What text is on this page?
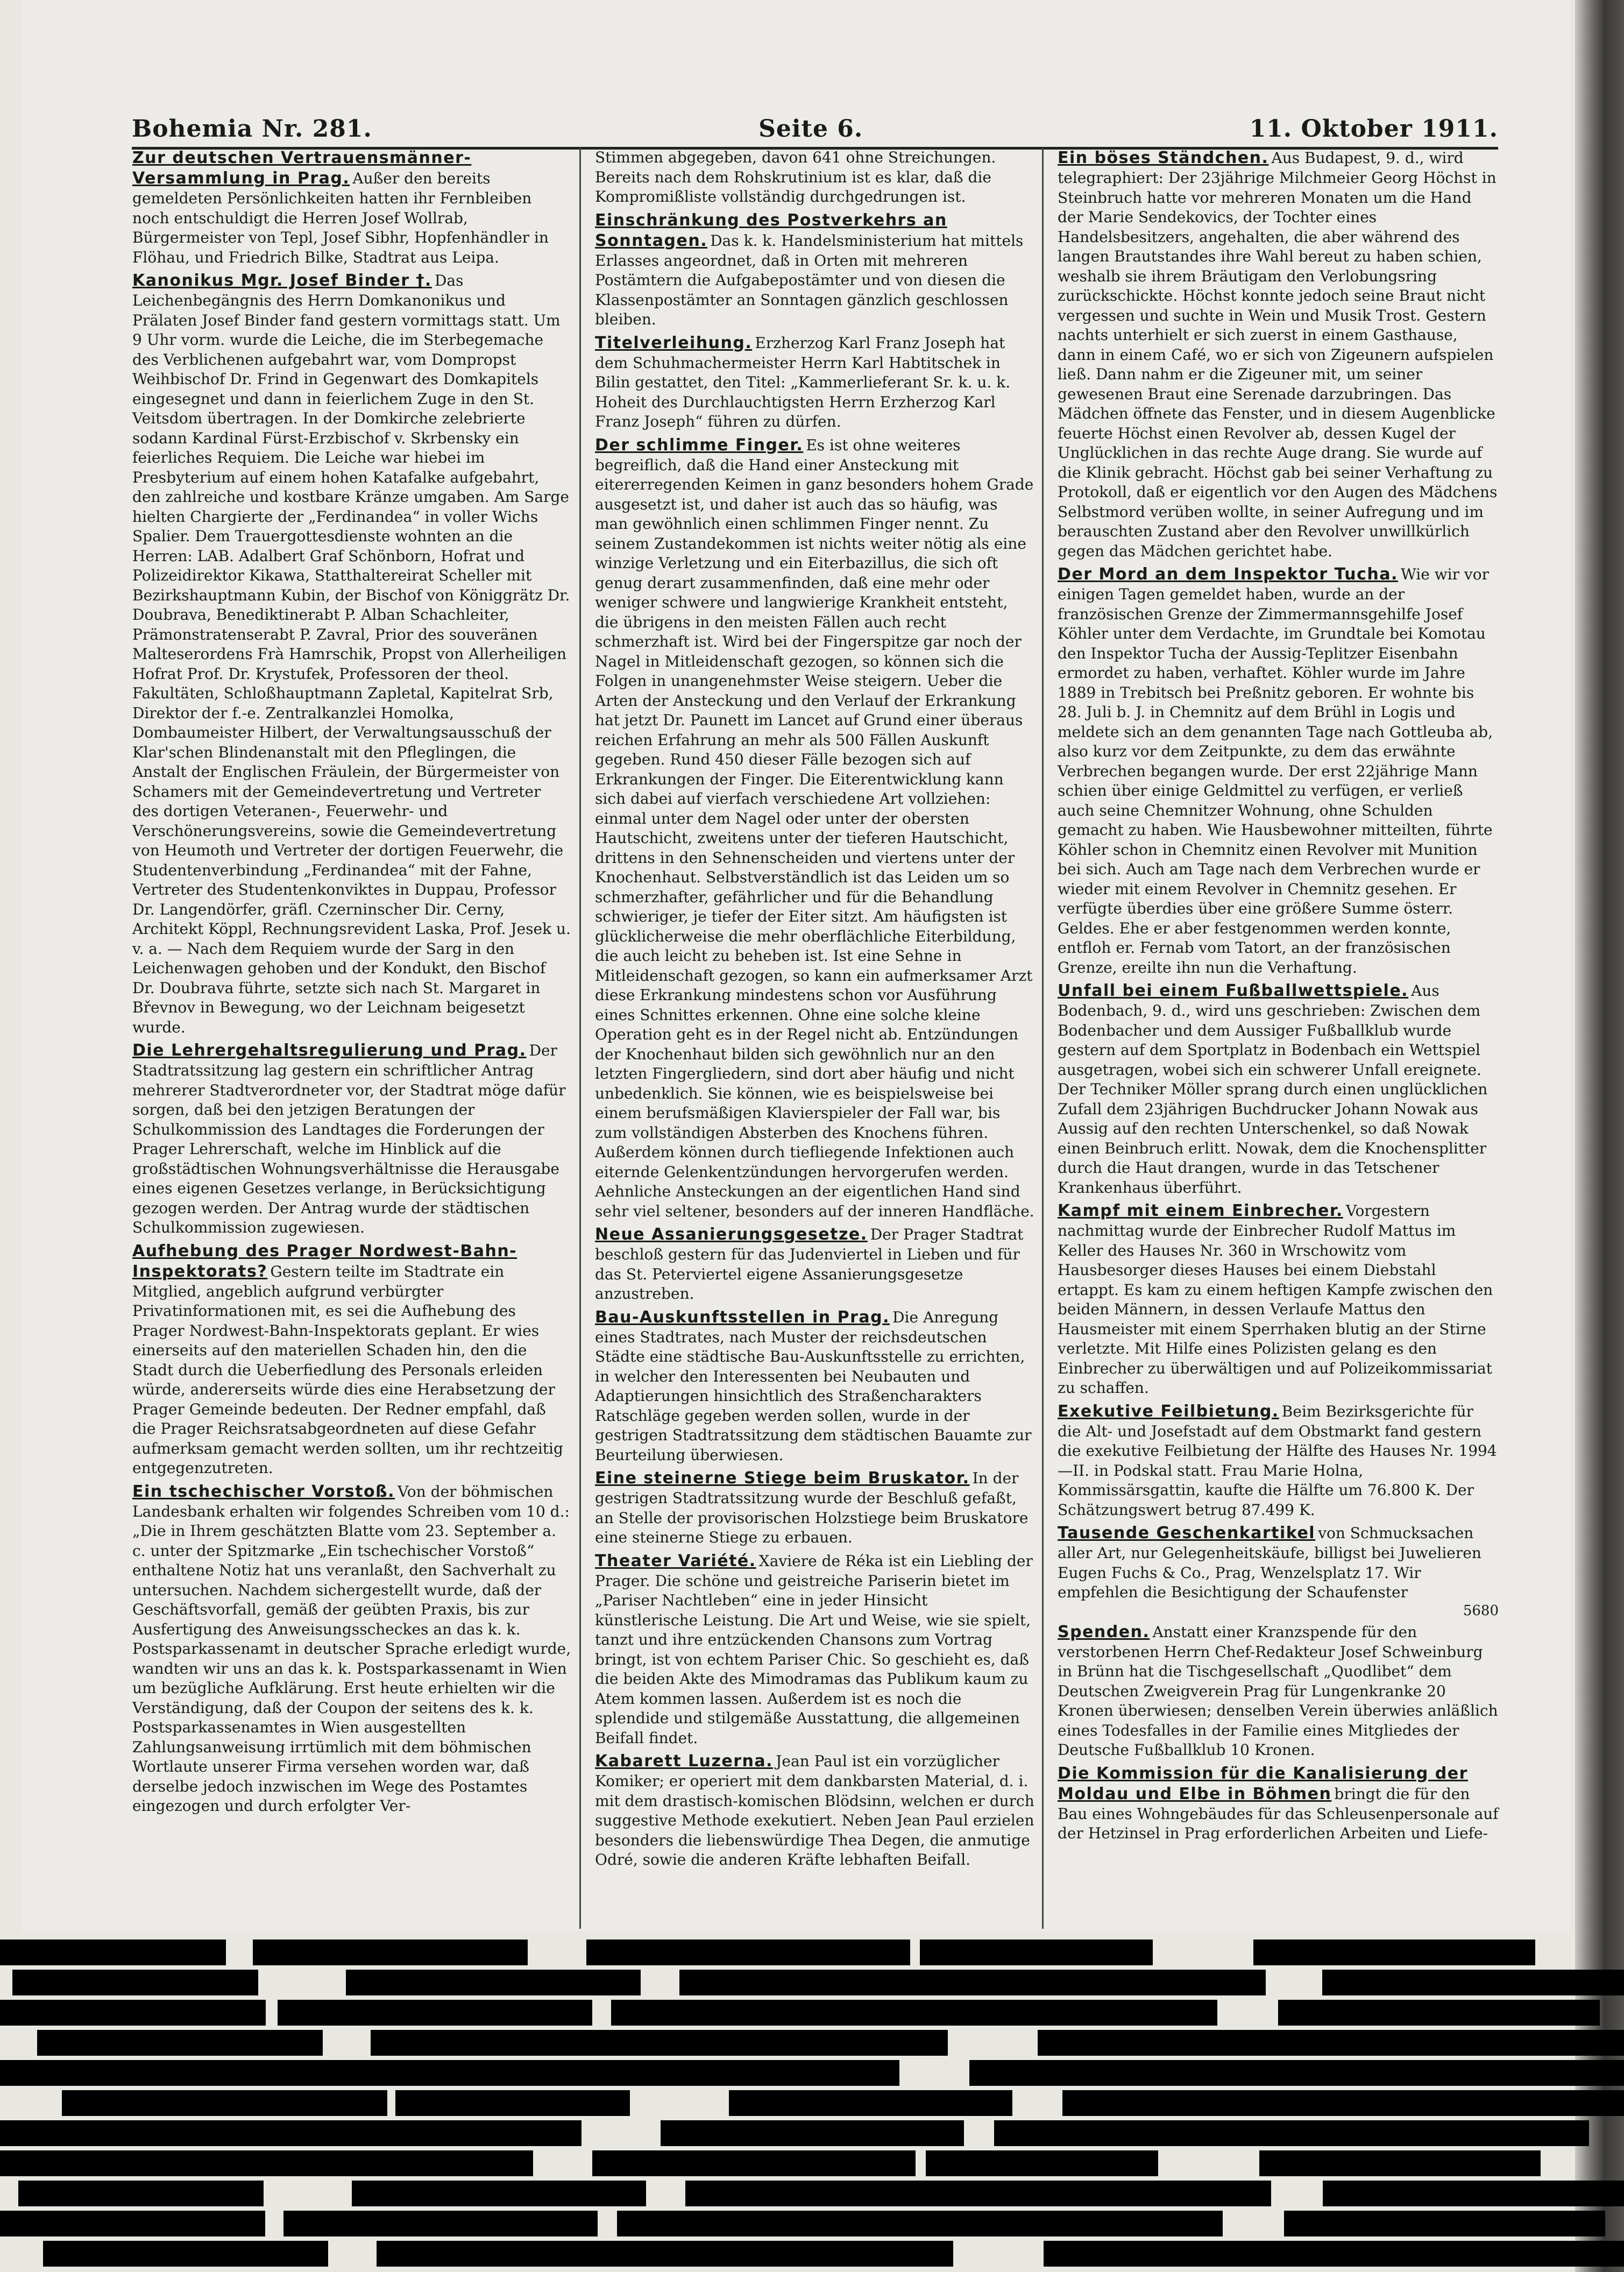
Bohemia Nr. 281.	Seite 6.	11. Oktober 1911.
Zur deutschen Vertrauensmänner-Versammlung in Prag. Außer den bereits gemeldeten Persönlichkeiten hatten ihr Fernbleiben noch entschuldigt die Herren Josef Wollrab, Bürgermeister von Tepl, Josef Sibhr, Hopfenhändler in Flöhau, und Friedrich Bilke, Stadtrat aus Leipa.

Kanonikus Mgr. Josef Binder †. Das Leichenbegängnis des Herrn Domkanonikus und Prälaten Josef Binder fand gestern vormittags statt. Um 9 Uhr vorm. wurde die Leiche, die im Sterbegemache des Verblichenen aufgebahrt war, vom Dompropst Weihbischof Dr. Frind in Gegenwart des Domkapitels eingesegnet und dann in feierlichem Zuge in den St. Veitsdom übertragen. In der Domkirche zelebrierte sodann Kardinal Fürst-Erzbischof v. Skrbensky ein feierliches Requiem. Die Leiche war hiebei im Presbyterium auf einem hohen Katafalke aufgebahrt, den zahlreiche und kostbare Kränze umgaben. Am Sarge hielten Chargierte der „Ferdinandea“ in voller Wichs Spalier. Dem Trauergottesdienste wohnten an die Herren: LAB. Adalbert Graf Schönborn, Hofrat und Polizeidirektor Kikawa, Statthaltereirat Scheller mit Bezirkshauptmann Kubin, der Bischof von Königgrätz Dr. Doubrava, Benediktinerabt P. Alban Schachleiter, Prämonstratenserabt P. Zavral, Prior des souveränen Malteserordens Frà Hamrschik, Propst von Allerheiligen Hofrat Prof. Dr. Krystufek, Professoren der theol. Fakultäten, Schloßhauptmann Zapletal, Kapitelrat Srb, Direktor der f.-e. Zentralkanzlei Homolka, Dombaumeister Hilbert, der Verwaltungsausschuß der Klar'schen Blindenanstalt mit den Pfleglingen, die Anstalt der Englischen Fräulein, der Bürgermeister von Schamers mit der Gemeindevertretung und Vertreter des dortigen Veteranen-, Feuerwehr- und Verschönerungsvereins, sowie die Gemeindevertretung von Heumoth und Vertreter der dortigen Feuerwehr, die Studentenverbindung „Ferdinandea“ mit der Fahne, Vertreter des Studentenkonviktes in Duppau, Professor Dr. Langendörfer, gräfl. Czerninscher Dir. Cerny, Architekt Köppl, Rechnungsrevident Laska, Prof. Jesek u. v. a. — Nach dem Requiem wurde der Sarg in den Leichenwagen gehoben und der Kondukt, den Bischof Dr. Doubrava führte, setzte sich nach St. Margaret in Břevnov in Bewegung, wo der Leichnam beigesetzt wurde.

Die Lehrergehaltsregulierung und Prag. Der Stadtratssitzung lag gestern ein schriftlicher Antrag mehrerer Stadtverordneter vor, der Stadtrat möge dafür sorgen, daß bei den jetzigen Beratungen der Schulkommission des Landtages die Forderungen der Prager Lehrerschaft, welche im Hinblick auf die großstädtischen Wohnungsverhältnisse die Herausgabe eines eigenen Gesetzes verlange, in Berücksichtigung gezogen werden. Der Antrag wurde der städtischen Schulkommission zugewiesen.

Aufhebung des Prager Nordwest-Bahn-Inspektorats? Gestern teilte im Stadtrate ein Mitglied, angeblich aufgrund verbürgter Privatinformationen mit, es sei die Aufhebung des Prager Nordwest-Bahn-Inspektorats geplant. Er wies einerseits auf den materiellen Schaden hin, den die Stadt durch die Ueberfiedlung des Personals erleiden würde, andererseits würde dies eine Herabsetzung der Prager Gemeinde bedeuten. Der Redner empfahl, daß die Prager Reichsratsabgeordneten auf diese Gefahr aufmerksam gemacht werden sollten, um ihr rechtzeitig entgegenzutreten.

Ein tschechischer Vorstoß. Von der böhmischen Landesbank erhalten wir folgendes Schreiben vom 10 d.: „Die in Ihrem geschätzten Blatte vom 23. September a. c. unter der Spitzmarke „Ein tschechischer Vorstoß“ enthaltene Notiz hat uns veranlaßt, den Sachverhalt zu untersuchen. Nachdem sichergestellt wurde, daß der Geschäftsvorfall, gemäß der geübten Praxis, bis zur Ausfertigung des Anweisungsscheckes an das k. k. Postsparkassenamt in deutscher Sprache erledigt wurde, wandten wir uns an das k. k. Postsparkassenamt in Wien um bezügliche Aufklärung. Erst heute erhielten wir die Verständigung, daß der Coupon der seitens des k. k. Postsparkassenamtes in Wien ausgestellten Zahlungsanweisung irrtümlich mit dem böhmischen Wortlaute unserer Firma versehen worden war, daß derselbe jedoch inzwischen im Wege des Postamtes eingezogen und durch erfolgter Ver-

Stimmen abgegeben, davon 641 ohne Streichungen. Bereits nach dem Rohskrutinium ist es klar, daß die Kompromißliste vollständig durchgedrungen ist.

Einschränkung des Postverkehrs an Sonntagen. Das k. k. Handelsministerium hat mittels Erlasses angeordnet, daß in Orten mit mehreren Postämtern die Aufgabepostämter und von diesen die Klassenpostämter an Sonntagen gänzlich geschlossen bleiben.

Titelverleihung. Erzherzog Karl Franz Joseph hat dem Schuhmachermeister Herrn Karl Habtitschek in Bilin gestattet, den Titel: „Kammerlieferant Sr. k. u. k. Hoheit des Durchlauchtigsten Herrn Erzherzog Karl Franz Joseph“ führen zu dürfen.

Der schlimme Finger. Es ist ohne weiteres begreiflich, daß die Hand einer Ansteckung mit eitererregenden Keimen in ganz besonders hohem Grade ausgesetzt ist, und daher ist auch das so häufig, was man gewöhnlich einen schlimmen Finger nennt. Zu seinem Zustandekommen ist nichts weiter nötig als eine winzige Verletzung und ein Eiterbazillus, die sich oft genug derart zusammenfinden, daß eine mehr oder weniger schwere und langwierige Krankheit entsteht, die übrigens in den meisten Fällen auch recht schmerzhaft ist. Wird bei der Fingerspitze gar noch der Nagel in Mitleidenschaft gezogen, so können sich die Folgen in unangenehmster Weise steigern. Ueber die Arten der Ansteckung und den Verlauf der Erkrankung hat jetzt Dr. Paunett im Lancet auf Grund einer überaus reichen Erfahrung an mehr als 500 Fällen Auskunft gegeben. Rund 450 dieser Fälle bezogen sich auf Erkrankungen der Finger. Die Eiterentwicklung kann sich dabei auf vierfach verschiedene Art vollziehen: einmal unter dem Nagel oder unter der obersten Hautschicht, zweitens unter der tieferen Hautschicht, drittens in den Sehnenscheiden und viertens unter der Knochenhaut. Selbstverständlich ist das Leiden um so schmerzhafter, gefährlicher und für die Behandlung schwieriger, je tiefer der Eiter sitzt. Am häufigsten ist glücklicherweise die mehr oberflächliche Eiterbildung, die auch leicht zu beheben ist. Ist eine Sehne in Mitleidenschaft gezogen, so kann ein aufmerksamer Arzt diese Erkrankung mindestens schon vor Ausführung eines Schnittes erkennen. Ohne eine solche kleine Operation geht es in der Regel nicht ab. Entzündungen der Knochenhaut bilden sich gewöhnlich nur an den letzten Fingergliedern, sind dort aber häufig und nicht unbedenklich. Sie können, wie es beispielsweise bei einem berufsmäßigen Klavierspieler der Fall war, bis zum vollständigen Absterben des Knochens führen. Außerdem können durch tiefliegende Infektionen auch eiternde Gelenkentzündungen hervorgerufen werden. Aehnliche Ansteckungen an der eigentlichen Hand sind sehr viel seltener, besonders auf der inneren Handfläche.

Neue Assanierungsgesetze. Der Prager Stadtrat beschloß gestern für das Judenviertel in Lieben und für das St. Peterviertel eigene Assanierungsgesetze anzustreben.

Bau-Auskunftsstellen in Prag. Die Anregung eines Stadtrates, nach Muster der reichsdeutschen Städte eine städtische Bau-Auskunftsstelle zu errichten, in welcher den Interessenten bei Neubauten und Adaptierungen hinsichtlich des Straßencharakters Ratschläge gegeben werden sollen, wurde in der gestrigen Stadtratssitzung dem städtischen Bauamte zur Beurteilung überwiesen.

Eine steinerne Stiege beim Bruskator. In der gestrigen Stadtratssitzung wurde der Beschluß gefaßt, an Stelle der provisorischen Holzstiege beim Bruskatore eine steinerne Stiege zu erbauen.

Theater Variété. Xaviere de Réka ist ein Liebling der Prager. Die schöne und geistreiche Pariserin bietet im „Pariser Nachtleben“ eine in jeder Hinsicht künstlerische Leistung. Die Art und Weise, wie sie spielt, tanzt und ihre entzückenden Chansons zum Vortrag bringt, ist von echtem Pariser Chic. So geschieht es, daß die beiden Akte des Mimodramas das Publikum kaum zu Atem kommen lassen. Außerdem ist es noch die splendide und stilgemäße Ausstattung, die allgemeinen Beifall findet.

Kabarett Luzerna. Jean Paul ist ein vorzüglicher Komiker; er operiert mit dem dankbarsten Material, d. i. mit dem drastisch-komischen Blödsinn, welchen er durch suggestive Methode exekutiert. Neben Jean Paul erzielen besonders die liebenswürdige Thea Degen, die anmutige Odré, sowie die anderen Kräfte lebhaften Beifall.

Ein böses Ständchen. Aus Budapest, 9. d., wird telegraphiert: Der 23jährige Milchmeier Georg Höchst in Steinbruch hatte vor mehreren Monaten um die Hand der Marie Sendekovics, der Tochter eines Handelsbesitzers, angehalten, die aber während des langen Brautstandes ihre Wahl bereut zu haben schien, weshalb sie ihrem Bräutigam den Verlobungsring zurückschickte. Höchst konnte jedoch seine Braut nicht vergessen und suchte in Wein und Musik Trost. Gestern nachts unterhielt er sich zuerst in einem Gasthause, dann in einem Café, wo er sich von Zigeunern aufspielen ließ. Dann nahm er die Zigeuner mit, um seiner gewesenen Braut eine Serenade darzubringen. Das Mädchen öffnete das Fenster, und in diesem Augenblicke feuerte Höchst einen Revolver ab, dessen Kugel der Unglücklichen in das rechte Auge drang. Sie wurde auf die Klinik gebracht. Höchst gab bei seiner Verhaftung zu Protokoll, daß er eigentlich vor den Augen des Mädchens Selbstmord verüben wollte, in seiner Aufregung und im berauschten Zustand aber den Revolver unwillkürlich gegen das Mädchen gerichtet habe.

Der Mord an dem Inspektor Tucha. Wie wir vor einigen Tagen gemeldet haben, wurde an der französischen Grenze der Zimmermannsgehilfe Josef Köhler unter dem Verdachte, im Grundtale bei Komotau den Inspektor Tucha der Aussig-Teplitzer Eisenbahn ermordet zu haben, verhaftet. Köhler wurde im Jahre 1889 in Trebitsch bei Preßnitz geboren. Er wohnte bis 28. Juli b. J. in Chemnitz auf dem Brühl in Logis und meldete sich an dem genannten Tage nach Gottleuba ab, also kurz vor dem Zeitpunkte, zu dem das erwähnte Verbrechen begangen wurde. Der erst 22jährige Mann schien über einige Geldmittel zu verfügen, er verließ auch seine Chemnitzer Wohnung, ohne Schulden gemacht zu haben. Wie Hausbewohner mitteilten, führte Köhler schon in Chemnitz einen Revolver mit Munition bei sich. Auch am Tage nach dem Verbrechen wurde er wieder mit einem Revolver in Chemnitz gesehen. Er verfügte überdies über eine größere Summe österr. Geldes. Ehe er aber festgenommen werden konnte, entfloh er. Fernab vom Tatort, an der französischen Grenze, ereilte ihn nun die Verhaftung.

Unfall bei einem Fußballwettspiele. Aus Bodenbach, 9. d., wird uns geschrieben: Zwischen dem Bodenbacher und dem Aussiger Fußballklub wurde gestern auf dem Sportplatz in Bodenbach ein Wettspiel ausgetragen, wobei sich ein schwerer Unfall ereignete. Der Techniker Möller sprang durch einen unglücklichen Zufall dem 23jährigen Buchdrucker Johann Nowak aus Aussig auf den rechten Unterschenkel, so daß Nowak einen Beinbruch erlitt. Nowak, dem die Knochensplitter durch die Haut drangen, wurde in das Tetschener Krankenhaus überführt.

Kampf mit einem Einbrecher. Vorgestern nachmittag wurde der Einbrecher Rudolf Mattus im Keller des Hauses Nr. 360 in Wrschowitz vom Hausbesorger dieses Hauses bei einem Diebstahl ertappt. Es kam zu einem heftigen Kampfe zwischen den beiden Männern, in dessen Verlaufe Mattus den Hausmeister mit einem Sperrhaken blutig an der Stirne verletzte. Mit Hilfe eines Polizisten gelang es den Einbrecher zu überwältigen und auf Polizeikommissariat zu schaffen.

Exekutive Feilbietung. Beim Bezirksgerichte für die Alt- und Josefstadt auf dem Obstmarkt fand gestern die exekutive Feilbietung der Hälfte des Hauses Nr. 1994—II. in Podskal statt. Frau Marie Holna, Kommissärsgattin, kaufte die Hälfte um 76.800 K. Der Schätzungswert betrug 87.499 K.

Tausende Geschenkartikel von Schmucksachen aller Art, nur Gelegenheitskäufe, billigst bei Juwelieren Eugen Fuchs & Co., Prag, Wenzelsplatz 17. Wir empfehlen die Besichtigung der Schaufenster

5680
Spenden. Anstatt einer Kranzspende für den verstorbenen Herrn Chef-Redakteur Josef Schweinburg in Brünn hat die Tischgesellschaft „Quodlibet“ dem Deutschen Zweigverein Prag für Lungenkranke 20 Kronen überwiesen; denselben Verein überwies anläßlich eines Todesfalles in der Familie eines Mitgliedes der Deutsche Fußballklub 10 Kronen.

Die Kommission für die Kanalisierung der Moldau und Elbe in Böhmen bringt die für den Bau eines Wohngebäudes für das Schleusenpersonale auf der Hetzinsel in Prag erforderlichen Arbeiten und Liefe-
